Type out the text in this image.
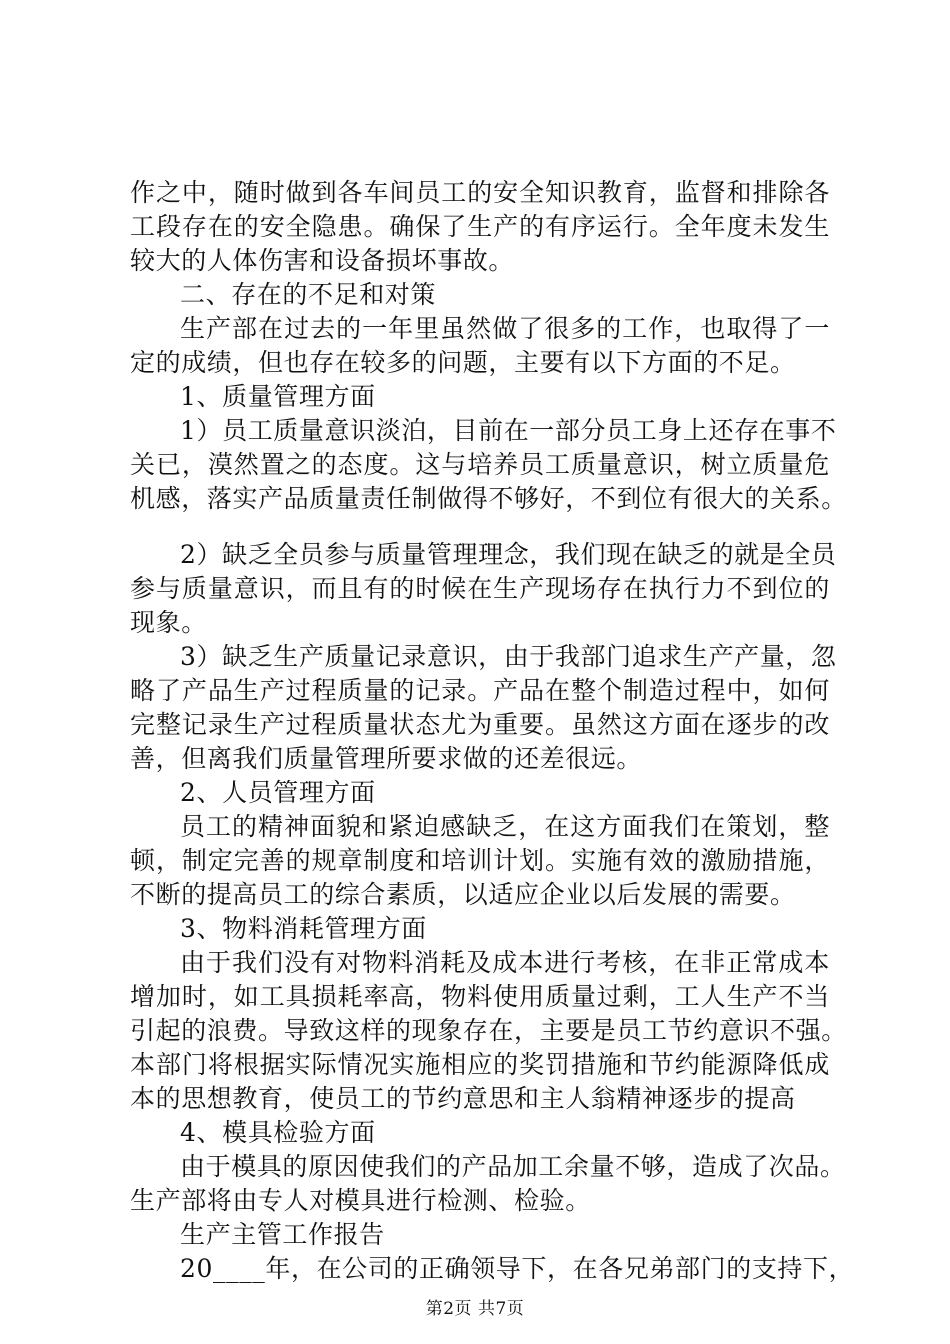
作之中，随时做到各车间员工的安全知识教育，监督和排除各
工段存在的安全隐患。确保了生产的有序运行。全年度未发生
较大的人体伤害和设备损坏事故。
二、存在的不足和对策
生产部在过去的一年里虽然做了很多的工作，也取得了一
定的成绩，但也存在较多的问题，主要有以下方面的不足。
1、质量管理方面
1）员工质量意识淡泊，目前在一部分员工身上还存在事不
关已，漠然置之的态度。这与培养员工质量意识，树立质量危
机感，落实产品质量责任制做得不够好，不到位有很大的关系。
2）缺乏全员参与质量管理理念，我们现在缺乏的就是全员
参与质量意识，而且有的时候在生产现场存在执行力不到位的
现象。
3）缺乏生产质量记录意识，由于我部门追求生产产量，忽
略了产品生产过程质量的记录。产品在整个制造过程中，如何
完整记录生产过程质量状态尤为重要。虽然这方面在逐步的改
善，但离我们质量管理所要求做的还差很远。
2、人员管理方面
员工的精神面貌和紧迫感缺乏，在这方面我们在策划，整
顿，制定完善的规章制度和培训计划。实施有效的激励措施，
不断的提高员工的综合素质，以适应企业以后发展的需要。
3、物料消耗管理方面
由于我们没有对物料消耗及成本进行考核，在非正常成本
增加时，如工具损耗率高，物料使用质量过剩，工人生产不当
引起的浪费。导致这样的现象存在，主要是员工节约意识不强。
本部门将根据实际情况实施相应的奖罚措施和节约能源降低成
本的思想教育，使员工的节约意思和主人翁精神逐步的提高
4、模具检验方面
由于模具的原因使我们的产品加工余量不够，造成了次品。
生产部将由专人对模具进行检测、检验。
生产主管工作报告
20____年，在公司的正确领导下，在各兄弟部门的支持下，
第2页 共7页
